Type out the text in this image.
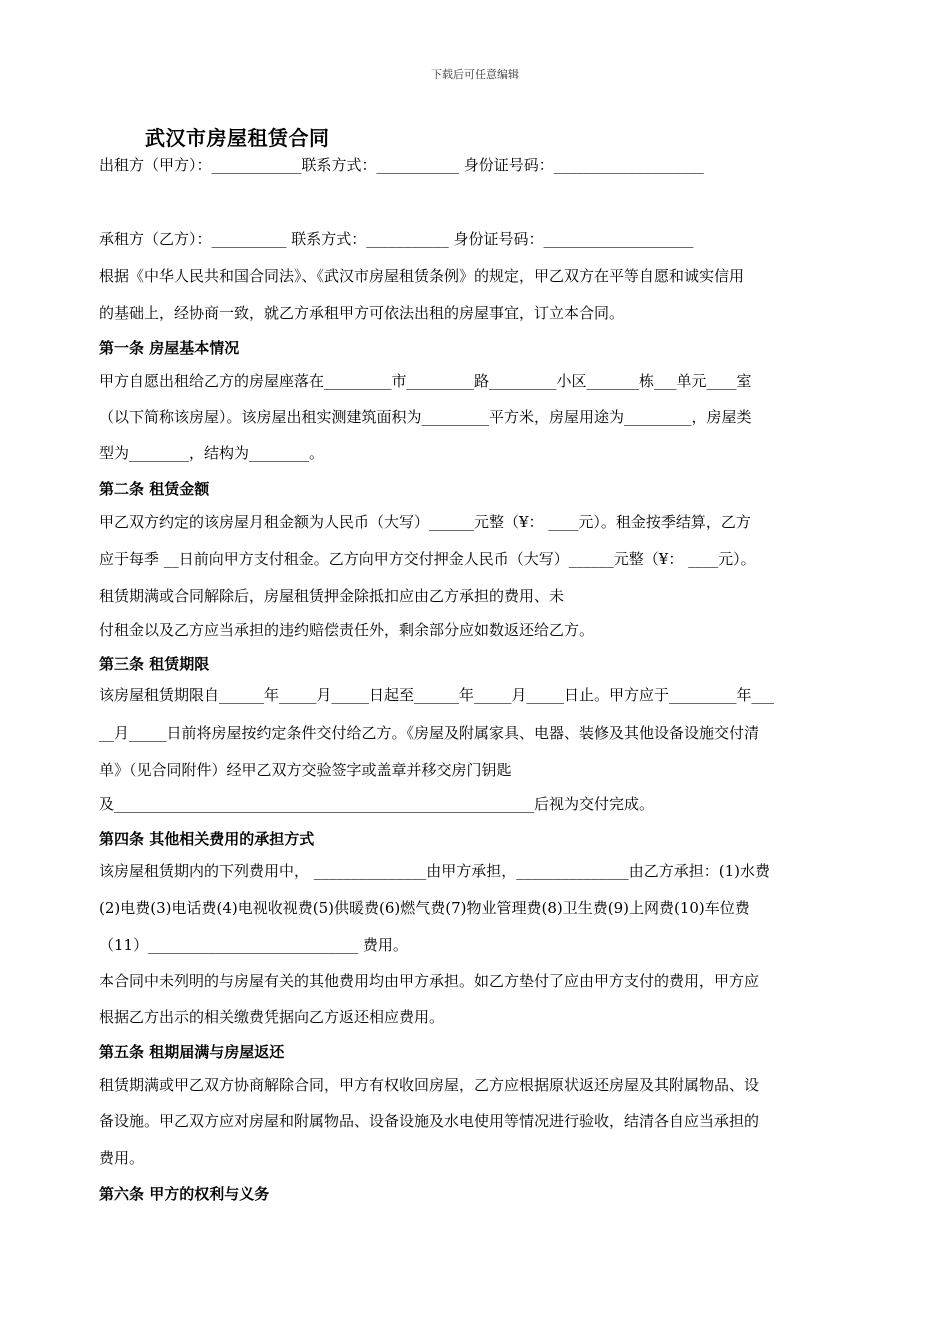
下载后可任意编辑
武汉市房屋租赁合同
出租方（甲方）：____________联系方式：___________ 身份证号码：____________________
承租方（乙方）：__________ 联系方式：___________ 身份证号码：____________________
根据《中华人民共和国合同法》、《武汉市房屋租赁条例》的规定，甲乙双方在平等自愿和诚实信用
的基础上，经协商一致，就乙方承租甲方可依法出租的房屋事宜，订立本合同。
第一条 房屋基本情况
甲方自愿出租给乙方的房屋座落在_________市_________路_________小区_______栋___单元____室
（以下简称该房屋）。该房屋出租实测建筑面积为_________平方米，房屋用途为_________，房屋类
型为________，结构为________。
第二条 租赁金额
甲乙双方约定的该房屋月租金额为人民币（大写）______元整（¥： ____元）。租金按季结算，乙方
应于每季 __日前向甲方支付租金。乙方向甲方交付押金人民币（大写）______元整（¥： ____元）。
租赁期满或合同解除后，房屋租赁押金除抵扣应由乙方承担的费用、未
付租金以及乙方应当承担的违约赔偿责任外，剩余部分应如数返还给乙方。
第三条 租赁期限
该房屋租赁期限自______年_____月_____日起至______年_____月_____日止。甲方应于_________年___
__月_____日前将房屋按约定条件交付给乙方。《房屋及附属家具、电器、装修及其他设备设施交付清
单》（见合同附件）经甲乙双方交验签字或盖章并移交房门钥匙
及________________________________________________________后视为交付完成。
第四条 其他相关费用的承担方式
该房屋租赁期内的下列费用中， _______________由甲方承担，_______________由乙方承担：(1)水费
(2)电费(3)电话费(4)电视收视费(5)供暖费(6)燃气费(7)物业管理费(8)卫生费(9)上网费(10)车位费
（11）____________________________ 费用。
本合同中未列明的与房屋有关的其他费用均由甲方承担。如乙方垫付了应由甲方支付的费用，甲方应
根据乙方出示的相关缴费凭据向乙方返还相应费用。
第五条 租期届满与房屋返还
租赁期满或甲乙双方协商解除合同，甲方有权收回房屋，乙方应根据原状返还房屋及其附属物品、设
备设施。甲乙双方应对房屋和附属物品、设备设施及水电使用等情况进行验收，结清各自应当承担的
费用。
第六条 甲方的权利与义务
